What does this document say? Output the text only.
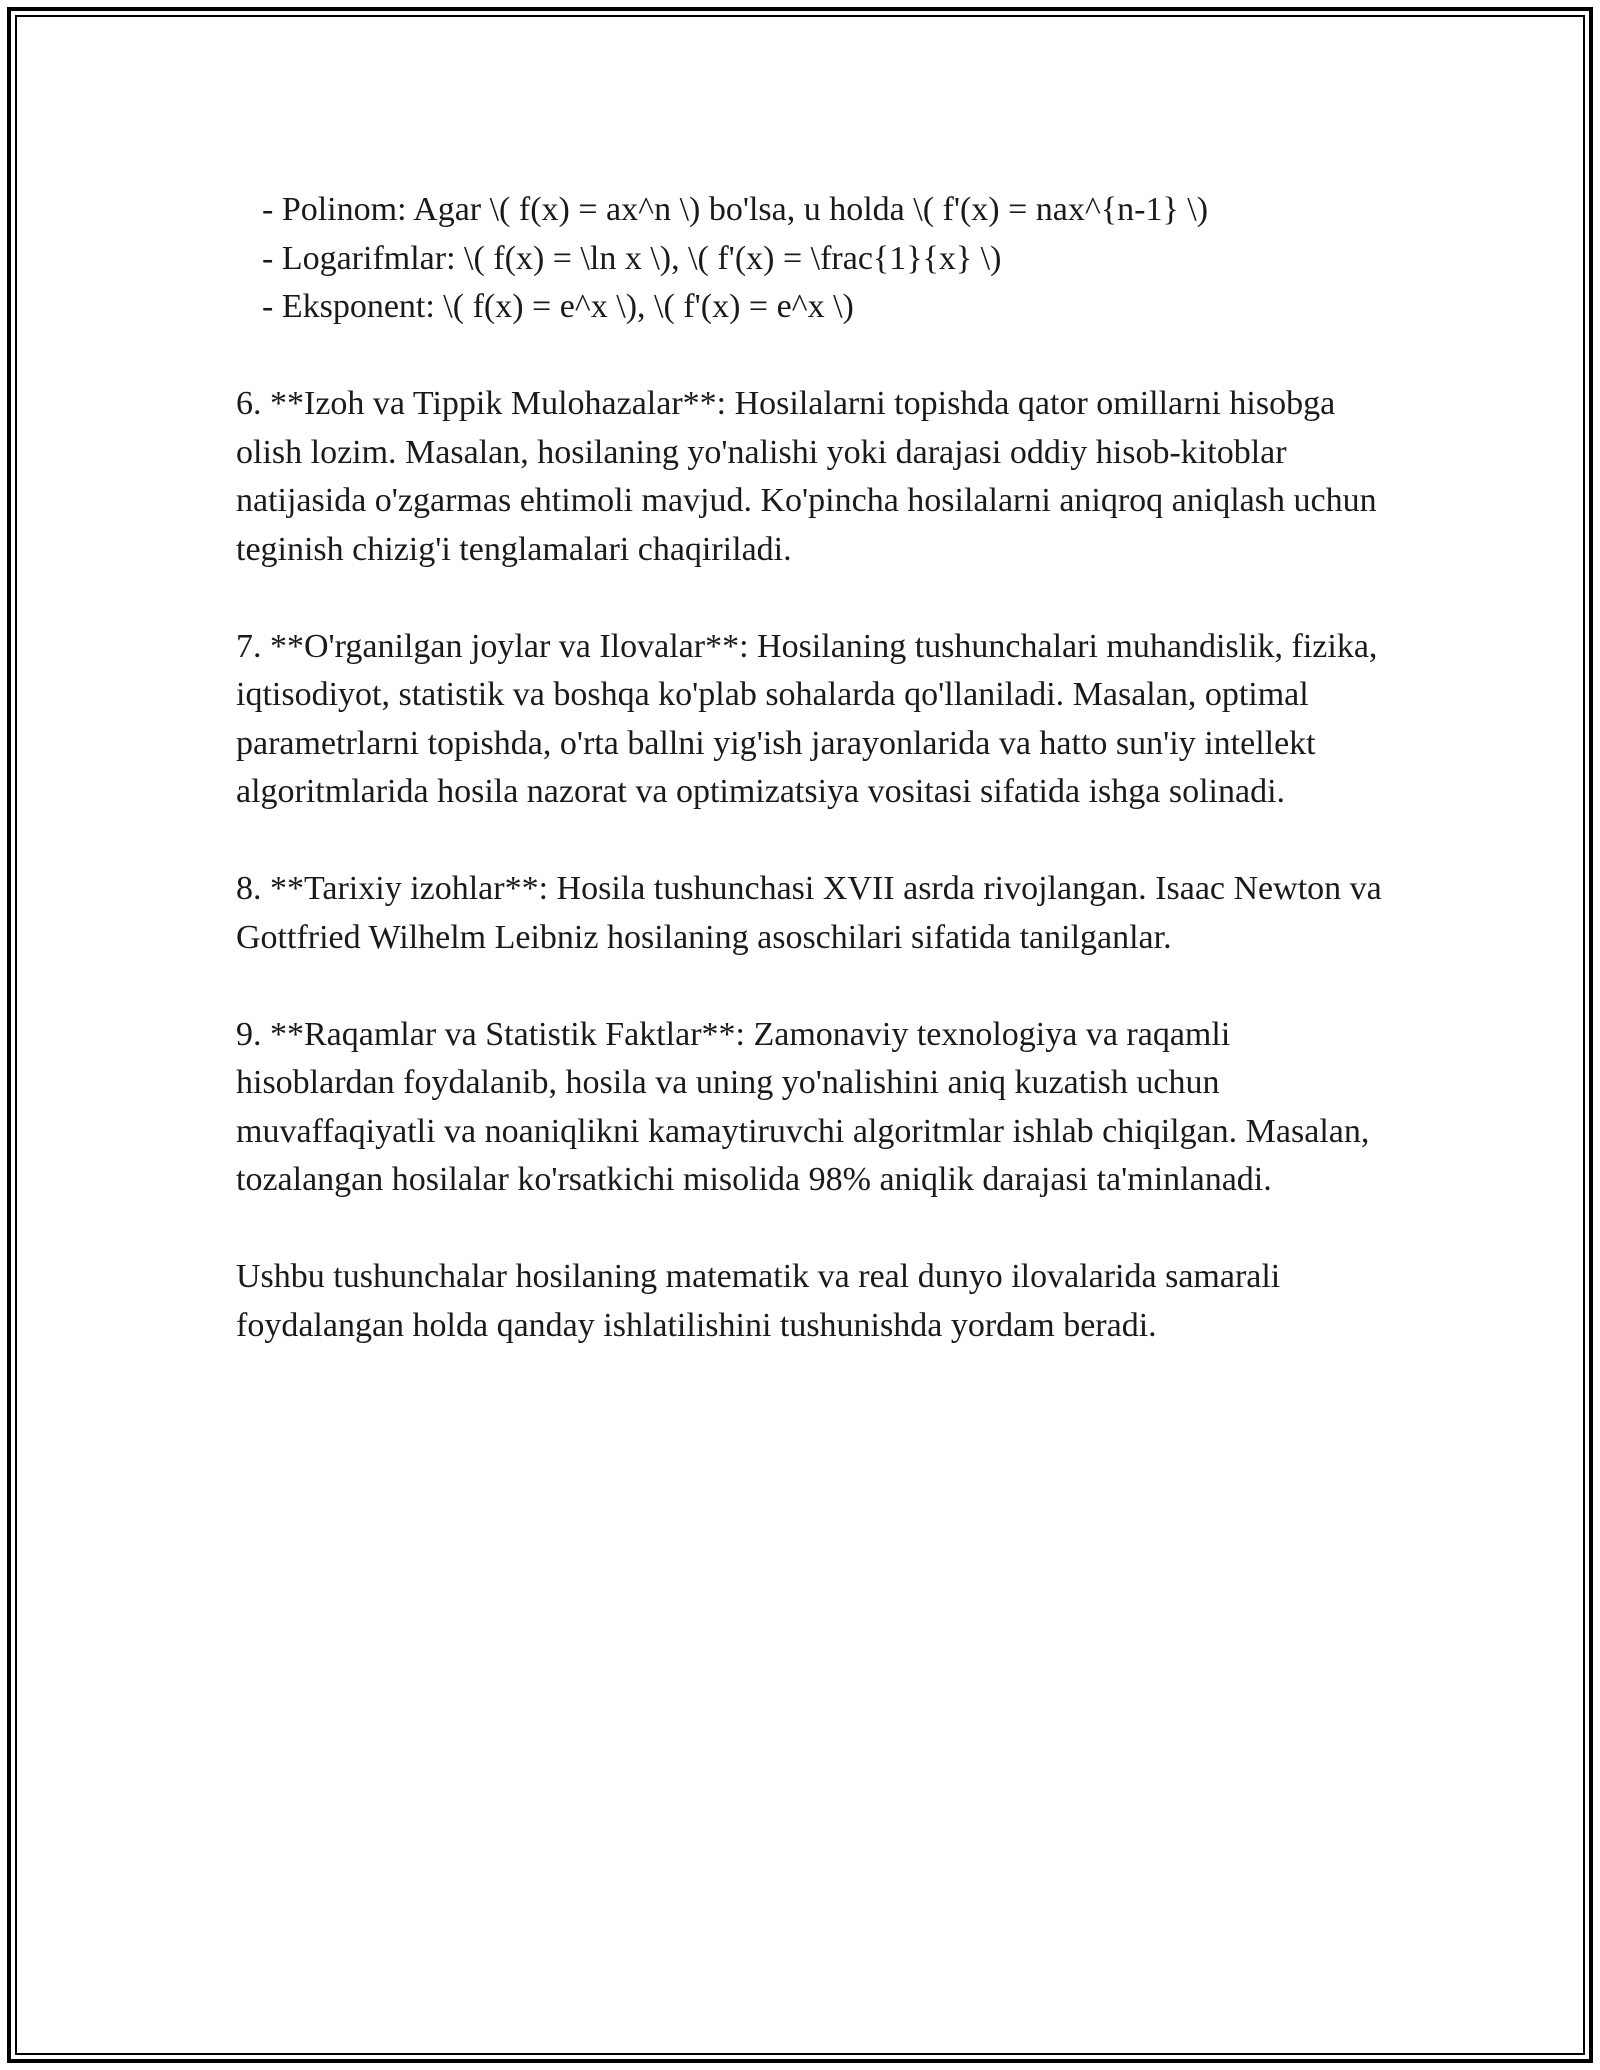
- Polinom: Agar \( f(x) = ax^n \) bo'lsa, u holda \( f'(x) = nax^{n-1} \)

- Logarifmlar: \( f(x) = \ln x \), \( f'(x) = \frac{1}{x} \)

- Eksponent: \( f(x) = e^x \), \( f'(x) = e^x \)

6. **Izoh va Tippik Mulohazalar**: Hosilalarni topishda qator omillarni hisobga olish lozim. Masalan, hosilaning yo'nalishi yoki darajasi oddiy hisob-kitoblar natijasida o'zgarmas ehtimoli mavjud. Ko'pincha hosilalarni aniqroq aniqlash uchun teginish chizig'i tenglamalari chaqiriladi.

7. **O'rganilgan joylar va Ilovalar**: Hosilaning tushunchalari muhandislik, fizika, iqtisodiyot, statistik va boshqa ko'plab sohalarda qo'llaniladi. Masalan, optimal parametrlarni topishda, o'rta ballni yig'ish jarayonlarida va hatto sun'iy intellekt algoritmlarida hosila nazorat va optimizatsiya vositasi sifatida ishga solinadi.

8. **Tarixiy izohlar**: Hosila tushunchasi XVII asrda rivojlangan. Isaac Newton va Gottfried Wilhelm Leibniz hosilaning asoschilari sifatida tanilganlar.

9. **Raqamlar va Statistik Faktlar**: Zamonaviy texnologiya va raqamli hisoblardan foydalanib, hosila va uning yo'nalishini aniq kuzatish uchun muvaffaqiyatli va noaniqlikni kamaytiruvchi algoritmlar ishlab chiqilgan. Masalan, tozalangan hosilalar ko'rsatkichi misolida 98% aniqlik darajasi ta'minlanadi.

Ushbu tushunchalar hosilaning matematik va real dunyo ilovalarida samarali foydalangan holda qanday ishlatilishini tushunishda yordam beradi.
